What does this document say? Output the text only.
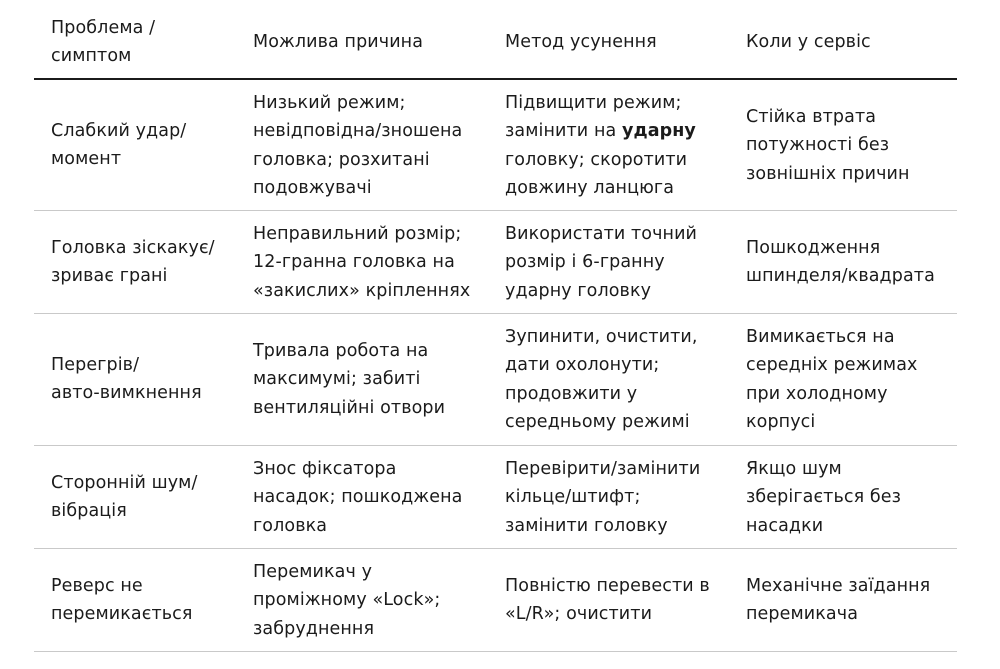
Проблема /
симптом
Можлива причина	Метод усунення	Коли у сервіс
Слабкий удар/
момент
Низький режим;
невідповідна/зношена
головка; розхитані
подовжувачі
Підвищити режим;
замінити на ударну
головку; скоротити
довжину ланцюга
Стійка втрата
потужності без
зовнішніх причин
Головка зіскакує/
зриває грані
Неправильний розмір;
12-гранна головка на
«закислих» кріпленнях
Використати точний
розмір і 6-гранну
ударну головку
Пошкодження
шпинделя/квадрата
Перегрів/
авто-вимкнення
Тривала робота на
максимумі; забиті
вентиляційні отвори
Зупинити, очистити,
дати охолонути;
продовжити у
середньому режимі
Вимикається на
середніх режимах
при холодному
корпусі
Сторонній шум/
вібрація
Знос фіксатора
насадок; пошкоджена
головка
Перевірити/замінити
кільце/штифт;
замінити головку
Якщо шум
зберігається без
насадки
Реверс не
перемикається
Перемикач у
проміжному «Lock»;
забруднення
Повністю перевести в
«L/R»; очистити
Механічне заїдання
перемикача
